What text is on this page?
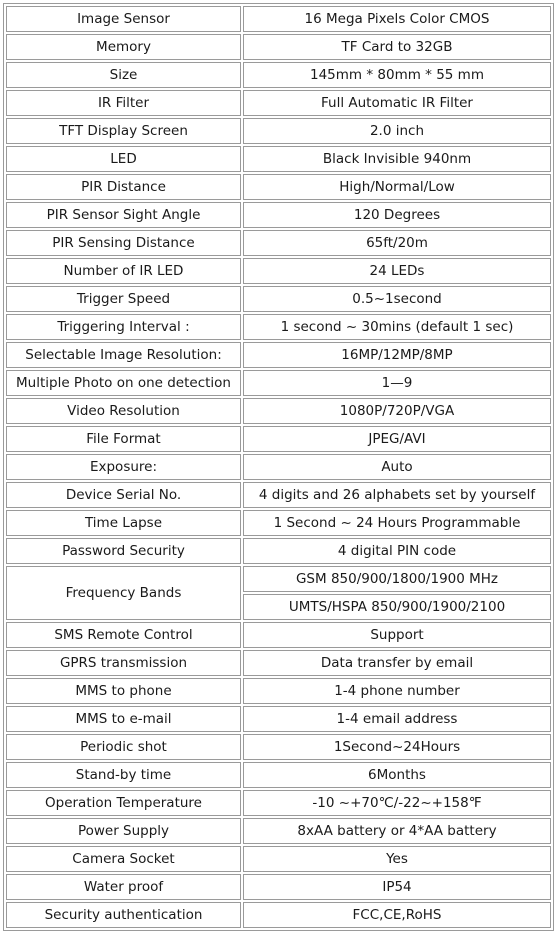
Image Sensor	16 Mega Pixels Color CMOS
Memory	TF Card to 32GB
Size	145mm * 80mm * 55 mm
IR Filter	Full Automatic IR Filter
TFT Display Screen	2.0 inch
LED	Black Invisible 940nm
PIR Distance	High/Normal/Low
PIR Sensor Sight Angle	120 Degrees
PIR Sensing Distance	65ft/20m
Number of IR LED	24 LEDs
Trigger Speed	0.5~1second
Triggering Interval :	1 second ~ 30mins (default 1 sec)
Selectable Image Resolution:	16MP/12MP/8MP
Multiple Photo on one detection	1—9
Video Resolution	1080P/720P/VGA
File Format	JPEG/AVI
Exposure:	Auto
Device Serial No.	4 digits and 26 alphabets set by yourself
Time Lapse	1 Second ~ 24 Hours Programmable
Password Security	4 digital PIN code
Frequency Bands	GSM 850/900/1800/1900 MHz
	UMTS/HSPA 850/900/1900/2100
SMS Remote Control	Support
GPRS transmission	Data transfer by email
MMS to phone	1-4 phone number
MMS to e-mail	1-4 email address
Periodic shot	1Second~24Hours
Stand-by time	6Months
Operation Temperature	-10 ~+70℃/-22~+158℉
Power Supply	8xAA battery or 4*AA battery
Camera Socket	Yes
Water proof	IP54
Security authentication	FCC,CE,RoHS
